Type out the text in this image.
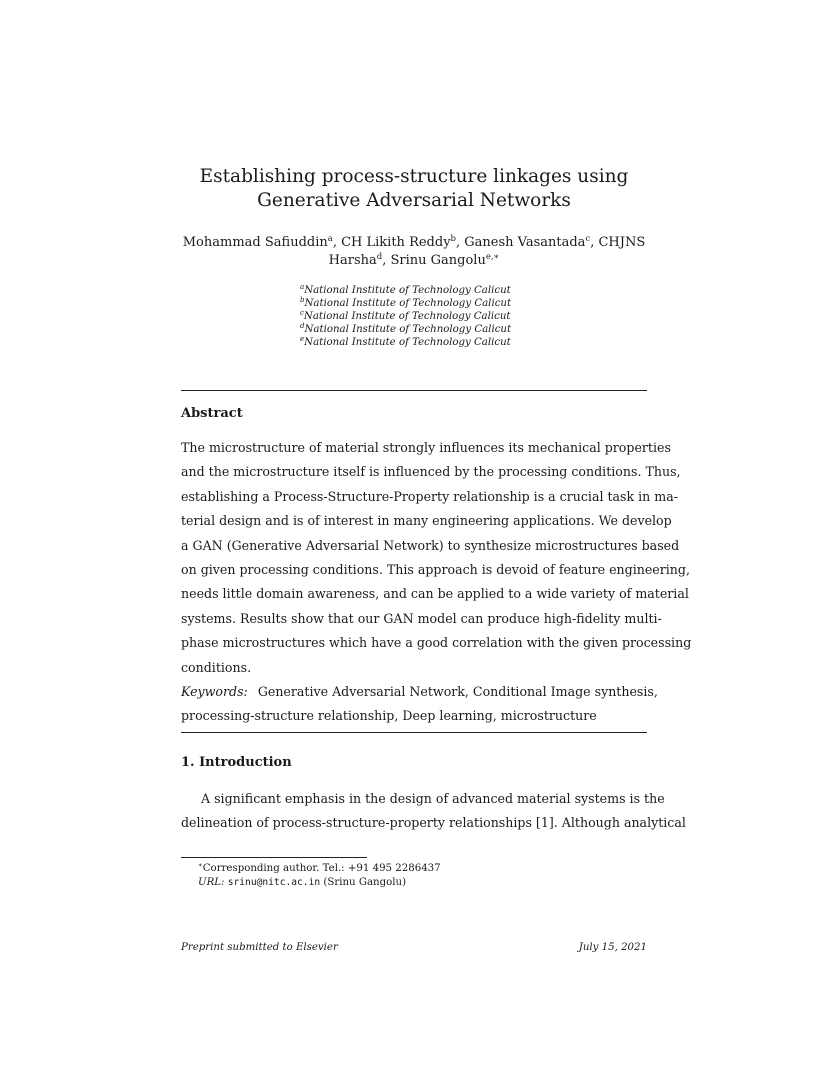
Establishing process-structure linkages using
Generative Adversarial Networks
Mohammad Safiuddin$^a$, CH Likith Reddy$^b$, Ganesh Vasantada$^c$, CHJNS
Harsha$^d$, Srinu Gangolu$^{e,∗}$
$^a$National Institute of Technology Calicut
$^b$National Institute of Technology Calicut
$^c$National Institute of Technology Calicut
$^d$National Institute of Technology Calicut
$^e$National Institute of Technology Calicut
Abstract
The microstructure of material strongly influences its mechanical properties
and the microstructure itself is influenced by the processing conditions. Thus,
establishing a Process-Structure-Property relationship is a crucial task in ma-
terial design and is of interest in many engineering applications. We develop
a GAN (Generative Adversarial Network) to synthesize microstructures based
on given processing conditions. This approach is devoid of feature engineering,
needs little domain awareness, and can be applied to a wide variety of material
systems. Results show that our GAN model can produce high-fidelity multi-
phase microstructures which have a good correlation with the given processing
conditions.
Keywords: Generative Adversarial Network, Conditional Image synthesis,
processing-structure relationship, Deep learning, microstructure
1. Introduction
A significant emphasis in the design of advanced material systems is the
delineation of process-structure-property relationships [1]. Although analytical
∗Corresponding author. Tel.: +91 495 2286437
URL: srinu@nitc.ac.in (Srinu Gangolu)
Preprint submitted to Elsevier	July 15, 2021
